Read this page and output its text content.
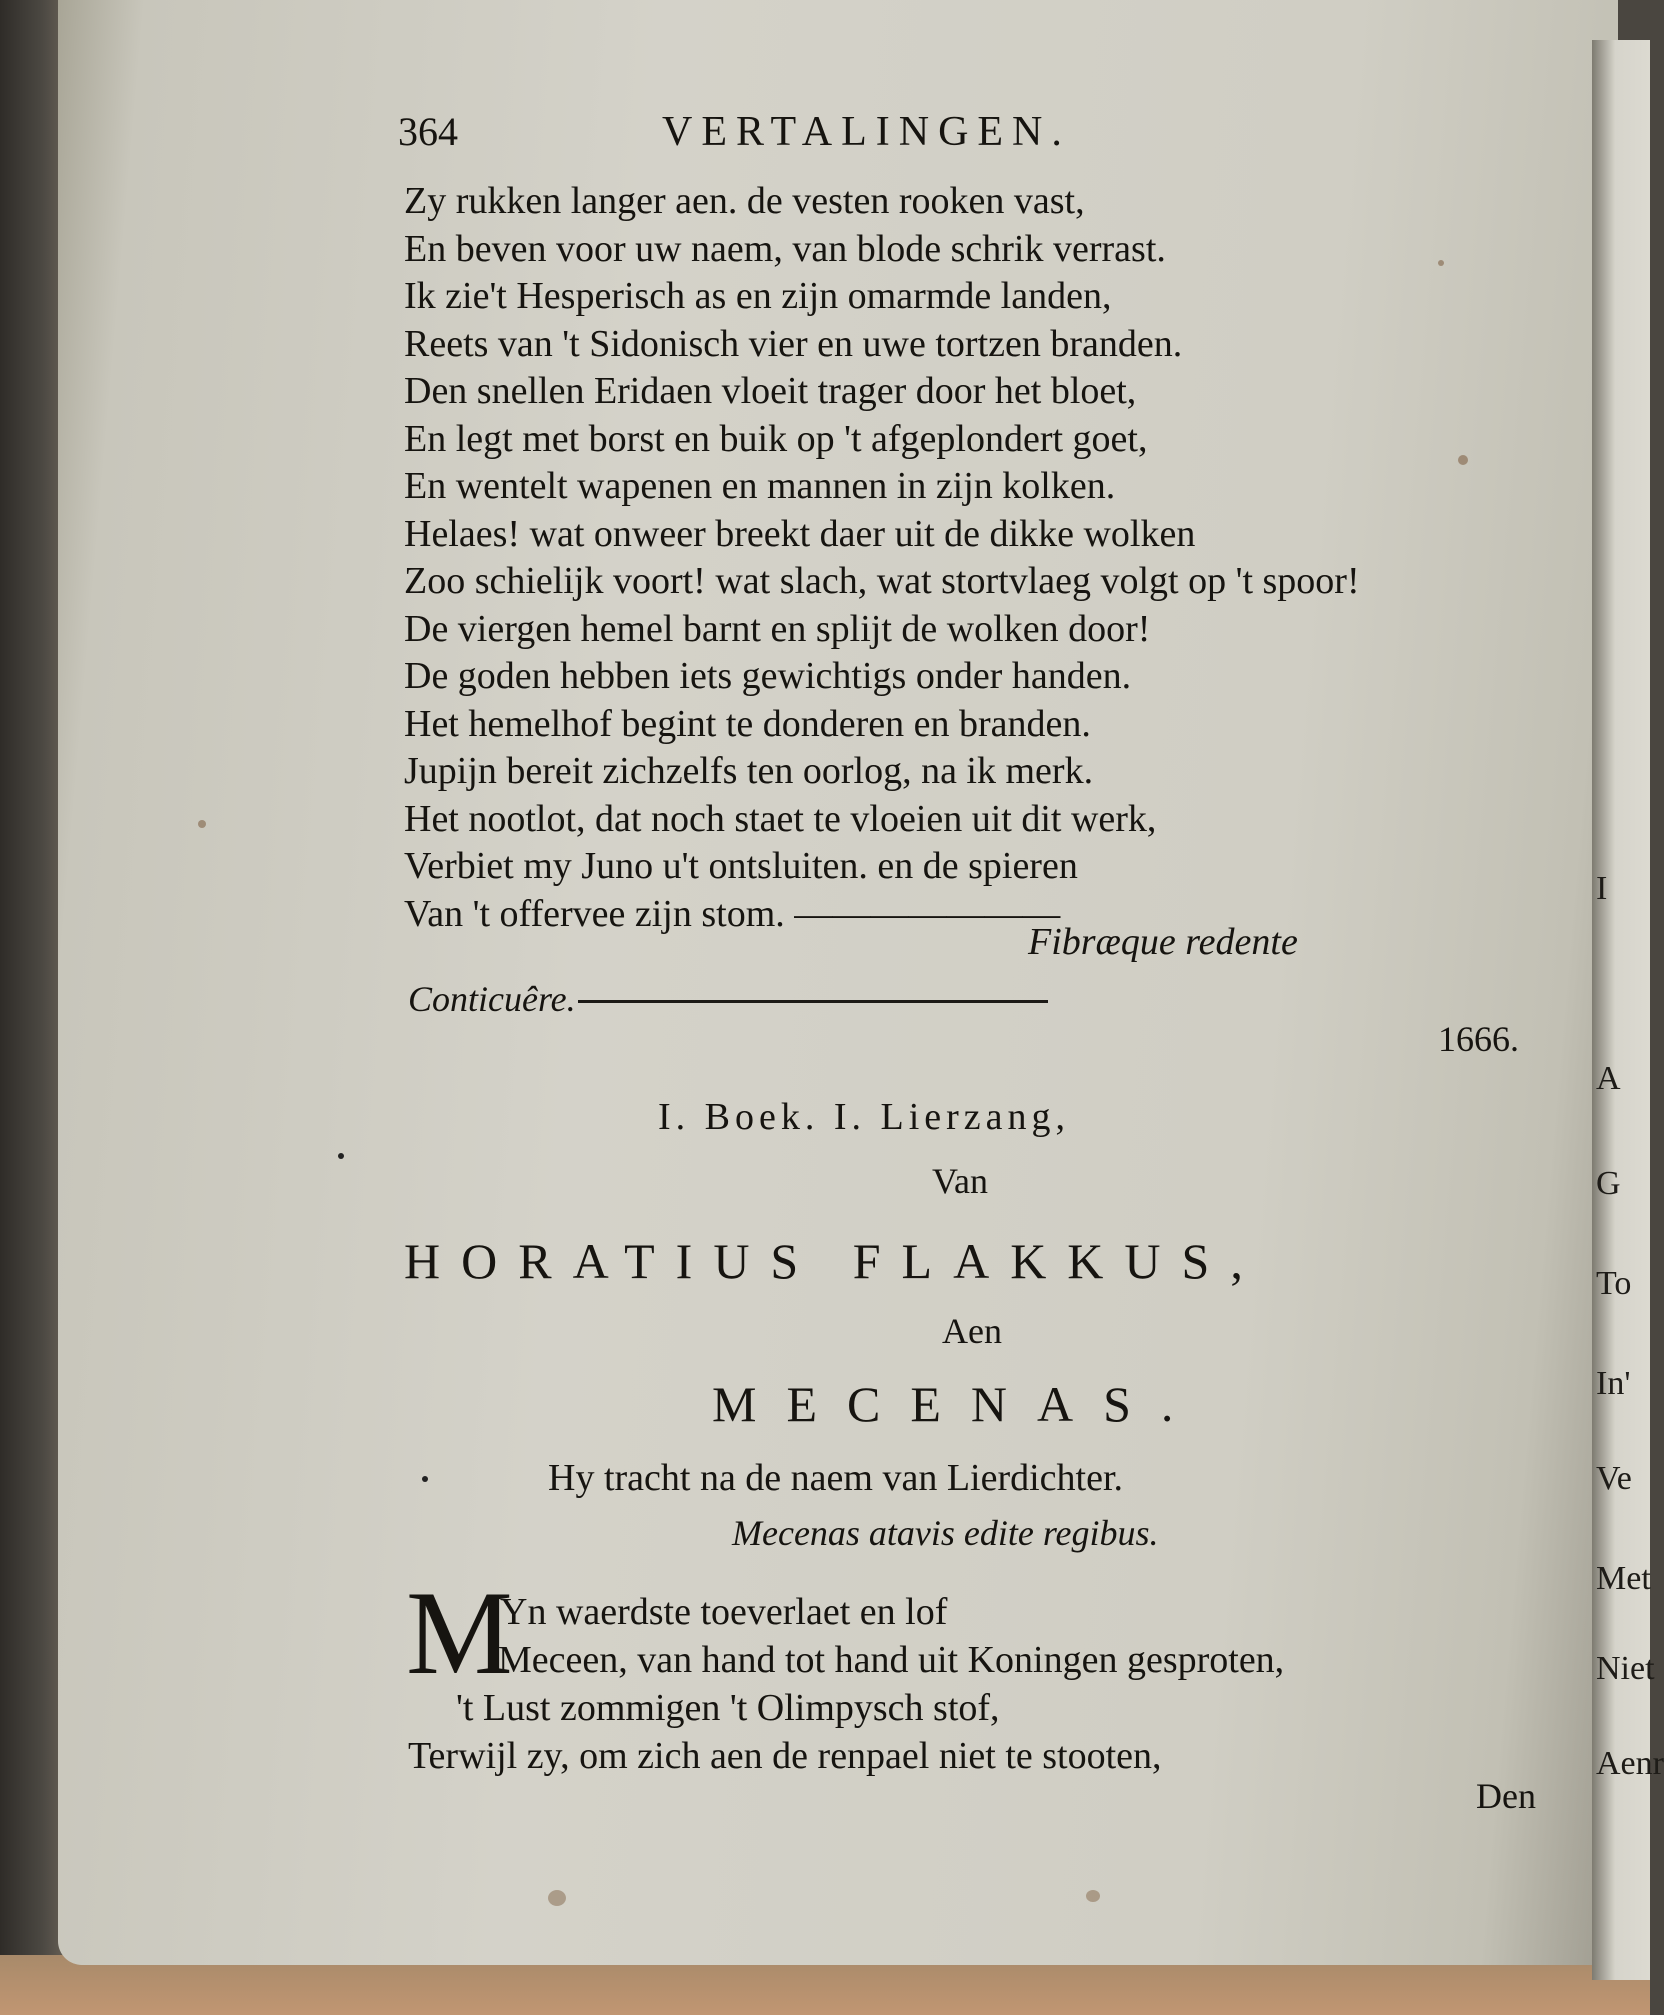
364	VERTALINGEN.
Zy rukken langer aen. de vesten rooken vast,
En beven voor uw naem, van blode schrik verrast.
Ik zie't Hesperisch as en zijn omarmde landen,
Reets van 't Sidonisch vier en uwe tortzen branden.
Den snellen Eridaen vloeit trager door het bloet,
En legt met borst en buik op 't afgeplondert goet,
En wentelt wapenen en mannen in zijn kolken.
Helaes! wat onweer breekt daer uit de dikke wolken
Zoo schielijk voort! wat slach, wat stortvlaeg volgt op 't spoor!
De viergen hemel barnt en splijt de wolken door!
De goden hebben iets gewichtigs onder handen.
Het hemelhof begint te donderen en branden.
Jupijn bereit zichzelfs ten oorlog, na ik merk.
Het nootlot, dat noch staet te vloeien uit dit werk,
Verbiet my Juno u't ontsluiten. en de spieren
Van 't offervee zijn stom. ———————
Fibræque redente
Conticuêre.
1666.
I. Boek. I. Lierzang,
Van
HORATIUS FLAKKUS,
Aen
MECENAS.
Hy tracht na de naem van Lierdichter.
Mecenas atavis edite regibus.
M
Yn waerdste toeverlaet en lof
Meceen, van hand tot hand uit Koningen gesproten,
't Lust zommigen 't Olimpysch stof,
Terwijl zy, om zich aen de renpael niet te stooten,
Den
I
A
G
To
In'
Ve
Met
Niet
Aenr
